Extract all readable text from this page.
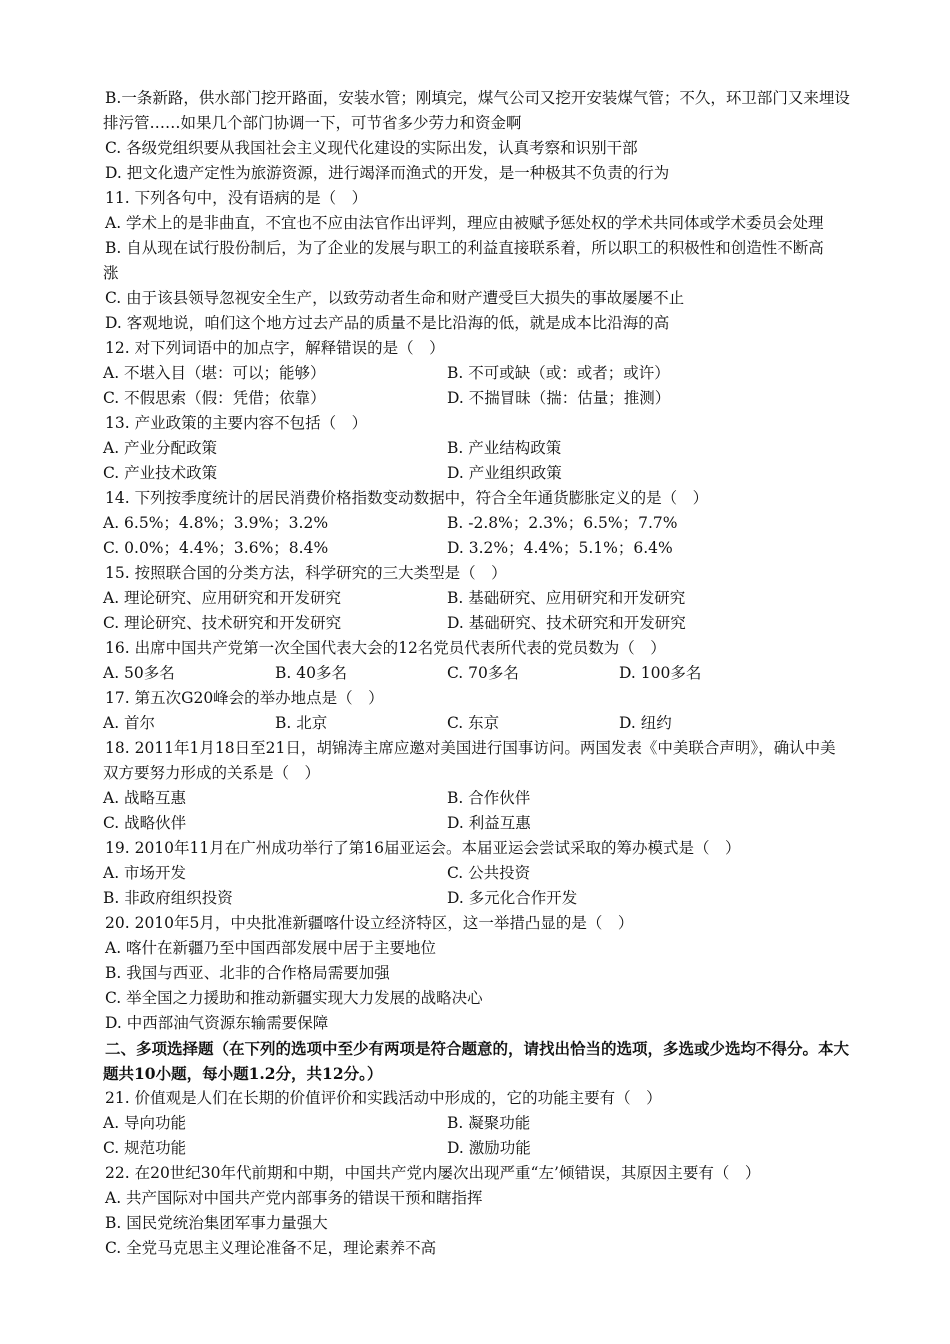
B.一条新路，供水部门挖开路面，安装水管；刚填完，煤气公司又挖开安装煤气管；不久，环卫部门又来埋设
排污管……如果几个部门协调一下，可节省多少劳力和资金啊
C. 各级党组织要从我国社会主义现代化建设的实际出发，认真考察和识别干部
D. 把文化遗产定性为旅游资源，进行竭泽而渔式的开发，是一种极其不负责的行为
11. 下列各句中，没有语病的是（　）
A. 学术上的是非曲直，不宜也不应由法官作出评判，理应由被赋予惩处权的学术共同体或学术委员会处理
B. 自从现在试行股份制后，为了企业的发展与职工的利益直接联系着，所以职工的积极性和创造性不断高
涨
C. 由于该县领导忽视安全生产，以致劳动者生命和财产遭受巨大损失的事故屡屡不止
D. 客观地说，咱们这个地方过去产品的质量不是比沿海的低，就是成本比沿海的高
12. 对下列词语中的加点字，解释错误的是（　）
A. 不堪入目（堪：可以；能够）	B. 不可或缺（或：或者；或许）
C. 不假思索（假：凭借；依靠）	D. 不揣冒昧（揣：估量；推测）
13. 产业政策的主要内容不包括（　）
A. 产业分配政策	B. 产业结构政策
C. 产业技术政策	D. 产业组织政策
14. 下列按季度统计的居民消费价格指数变动数据中，符合全年通货膨胀定义的是（　）
A. 6.5%；4.8%；3.9%；3.2%	B. -2.8%；2.3%；6.5%；7.7%
C. 0.0%；4.4%；3.6%；8.4%	D. 3.2%；4.4%；5.1%；6.4%
15. 按照联合国的分类方法，科学研究的三大类型是（　）
A. 理论研究、应用研究和开发研究	B. 基础研究、应用研究和开发研究
C. 理论研究、技术研究和开发研究	D. 基础研究、技术研究和开发研究
16. 出席中国共产党第一次全国代表大会的12名党员代表所代表的党员数为（　）
A. 50多名	B. 40多名	C. 70多名	D. 100多名
17. 第五次G20峰会的举办地点是（　）
A. 首尔	B. 北京	C. 东京	D. 纽约
18. 2011年1月18日至21日，胡锦涛主席应邀对美国进行国事访问。两国发表《中美联合声明》，确认中美
双方要努力形成的关系是（　）
A. 战略互惠	B. 合作伙伴
C. 战略伙伴	D. 利益互惠
19. 2010年11月在广州成功举行了第16届亚运会。本届亚运会尝试采取的筹办模式是（　）
A. 市场开发	C. 公共投资
B. 非政府组织投资	D. 多元化合作开发
20. 2010年5月，中央批准新疆喀什设立经济特区，这一举措凸显的是（　）
A. 喀什在新疆乃至中国西部发展中居于主要地位
B. 我国与西亚、北非的合作格局需要加强
C. 举全国之力援助和推动新疆实现大力发展的战略决心
D. 中西部油气资源东输需要保障
二、多项选择题（在下列的选项中至少有两项是符合题意的，请找出恰当的选项，多选或少选均不得分。本大
题共10小题，每小题1.2分，共12分。）
21. 价值观是人们在长期的价值评价和实践活动中形成的，它的功能主要有（　）
A. 导向功能	B. 凝聚功能
C. 规范功能	D. 激励功能
22. 在20世纪30年代前期和中期，中国共产党内屡次出现严重“左’倾错误，其原因主要有（　）
A. 共产国际对中国共产党内部事务的错误干预和瞎指挥
B. 国民党统治集团军事力量强大
C. 全党马克思主义理论准备不足，理论素养不高
